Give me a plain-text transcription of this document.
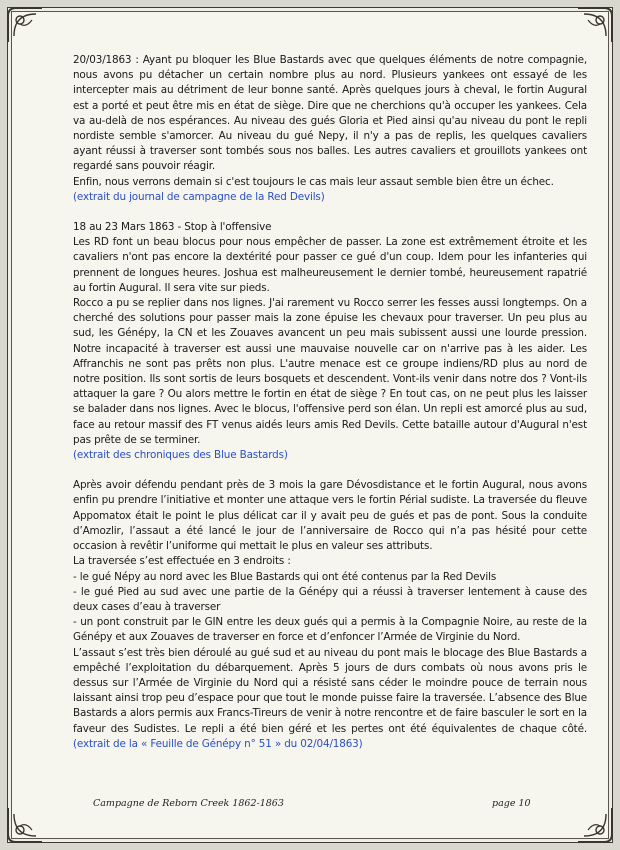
20/03/1863 : Ayant pu bloquer les Blue Bastards avec que quelques éléments de notre compagnie, nous avons pu détacher un certain nombre plus au nord. Plusieurs yankees ont essayé de les intercepter mais au détriment de leur bonne santé. Après quelques jours à cheval, le fortin Augural est a porté et peut être mis en état de siège. Dire que ne cherchions qu'à occuper les yankees. Cela va au-delà de nos espérances. Au niveau des gués Gloria et Pied ainsi qu'au niveau du pont le repli nordiste semble s'amorcer. Au niveau du gué Nepy, il n'y a pas de replis, les quelques cavaliers ayant réussi à traverser sont tombés sous nos balles. Les autres cavaliers et grouillots yankees ont regardé sans pouvoir réagir.

Enfin, nous verrons demain si c'est toujours le cas mais leur assaut semble bien être un échec.

(extrait du journal de campagne de la Red Devils)

18 au 23 Mars 1863 - Stop à l'offensive

Les RD font un beau blocus pour nous empêcher de passer. La zone est extrêmement étroite et les cavaliers n'ont pas encore la dextérité pour passer ce gué d'un coup. Idem pour les infanteries qui prennent de longues heures. Joshua est malheureusement le dernier tombé, heureusement rapatrié au fortin Augural. Il sera vite sur pieds.

Rocco a pu se replier dans nos lignes. J'ai rarement vu Rocco serrer les fesses aussi longtemps. On a cherché des solutions pour passer mais la zone épuise les chevaux pour traverser. Un peu plus au sud, les Génépy, la CN et les Zouaves avancent un peu mais subissent aussi une lourde pression. Notre incapacité à traverser est aussi une mauvaise nouvelle car on n'arrive pas à les aider. Les Affranchis ne sont pas prêts non plus. L'autre menace est ce groupe indiens/RD plus au nord de notre position. Ils sont sortis de leurs bosquets et descendent. Vont-ils venir dans notre dos ? Vont-ils attaquer la gare ? Ou alors mettre le fortin en état de siège ? En tout cas, on ne peut plus les laisser se balader dans nos lignes. Avec le blocus, l'offensive perd son élan. Un repli est amorcé plus au sud, face au retour massif des FT venus aidés leurs amis Red Devils. Cette bataille autour d'Augural n'est pas prête de se terminer.

(extrait des chroniques des Blue Bastards)

Après avoir défendu pendant près de 3 mois la gare Dévosdistance et le fortin Augural, nous avons enfin pu prendre l’initiative et monter une attaque vers le fortin Périal sudiste. La traversée du fleuve Appomatox était le point le plus délicat car il y avait peu de gués et pas de pont. Sous la conduite d’Amozlir, l’assaut a été lancé le jour de l’anniversaire de Rocco qui n’a pas hésité pour cette occasion à revêtir l’uniforme qui mettait le plus en valeur ses attributs.

La traversée s’est effectuée en 3 endroits :

- le gué Népy au nord avec les Blue Bastards qui ont été contenus par la Red Devils

- le gué Pied au sud avec une partie de la Génépy qui a réussi à traverser lentement à cause des deux cases d’eau à traverser

- un pont construit par le GIN entre les deux gués qui a permis à la Compagnie Noire, au reste de la Génépy et aux Zouaves de traverser en force et d’enfoncer l’Armée de Virginie du Nord.

L’assaut s’est très bien déroulé au gué sud et au niveau du pont mais le blocage des Blue Bastards a empêché l’exploitation du débarquement. Après 5 jours de durs combats où nous avons pris le dessus sur l’Armée de Virginie du Nord qui a résisté sans céder le moindre pouce de terrain nous laissant ainsi trop peu d’espace pour que tout le monde puisse faire la traversée. L’absence des Blue Bastards a alors permis aux Francs-Tireurs de venir à notre rencontre et de faire basculer le sort en la faveur des Sudistes. Le repli a été bien géré et les pertes ont été équivalentes de chaque côté. (extrait de la « Feuille de Génépy n° 51 » du 02/04/1863)

Campagne de Reborn Creek 1862-1863	page 10
